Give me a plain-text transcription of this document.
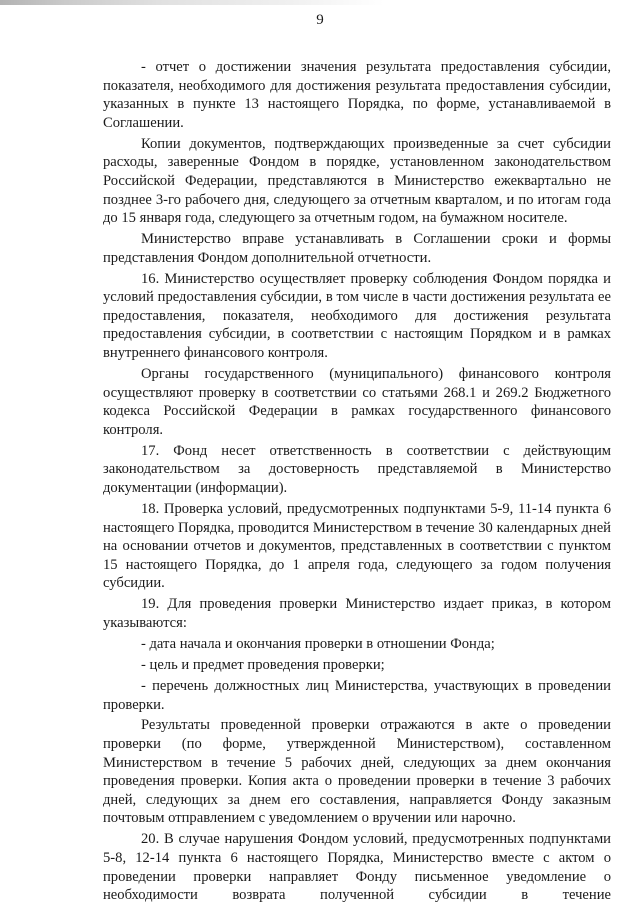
9

- отчет о достижении значения результата предоставления субсидии, показателя, необходимого для достижения результата предоставления субсидии, указанных в пункте 13 настоящего Порядка, по форме, устанавливаемой в Соглашении.

Копии документов, подтверждающих произведенные за счет субсидии расходы, заверенные Фондом в порядке, установленном законодательством Российской Федерации, представляются в Министерство ежеквартально не позднее 3-го рабочего дня, следующего за отчетным кварталом, и по итогам года до 15 января года, следующего за отчетным годом, на бумажном носителе.

Министерство вправе устанавливать в Соглашении сроки и формы представления Фондом дополнительной отчетности.

16. Министерство осуществляет проверку соблюдения Фондом порядка и условий предоставления субсидии, в том числе в части достижения результата ее предоставления, показателя, необходимого для достижения результата предоставления субсидии, в соответствии с настоящим Порядком и в рамках внутреннего финансового контроля.

Органы государственного (муниципального) финансового контроля осуществляют проверку в соответствии со статьями 268.1 и 269.2 Бюджетного кодекса Российской Федерации в рамках государственного финансового контроля.

17. Фонд несет ответственность в соответствии с действующим законодательством за достоверность представляемой в Министерство документации (информации).

18. Проверка условий, предусмотренных подпунктами 5-9, 11-14 пункта 6 настоящего Порядка, проводится Министерством в течение 30 календарных дней на основании отчетов и документов, представленных в соответствии с пунктом 15 настоящего Порядка, до 1 апреля года, следующего за годом получения субсидии.

19. Для проведения проверки Министерство издает приказ, в котором указываются:

- дата начала и окончания проверки в отношении Фонда;

- цель и предмет проведения проверки;

- перечень должностных лиц Министерства, участвующих в проведении проверки.

Результаты проведенной проверки отражаются в акте о проведении проверки (по форме, утвержденной Министерством), составленном Министерством в течение 5 рабочих дней, следующих за днем окончания проведения проверки. Копия акта о проведении проверки в течение 3 рабочих дней, следующих за днем его составления, направляется Фонду заказным почтовым отправлением с уведомлением о вручении или нарочно.

20. В случае нарушения Фондом условий, предусмотренных подпунктами 5-8, 12-14 пункта 6 настоящего Порядка, Министерство вместе с актом о проведении проверки направляет Фонду письменное уведомление о необходимости возврата полученной субсидии в течение
